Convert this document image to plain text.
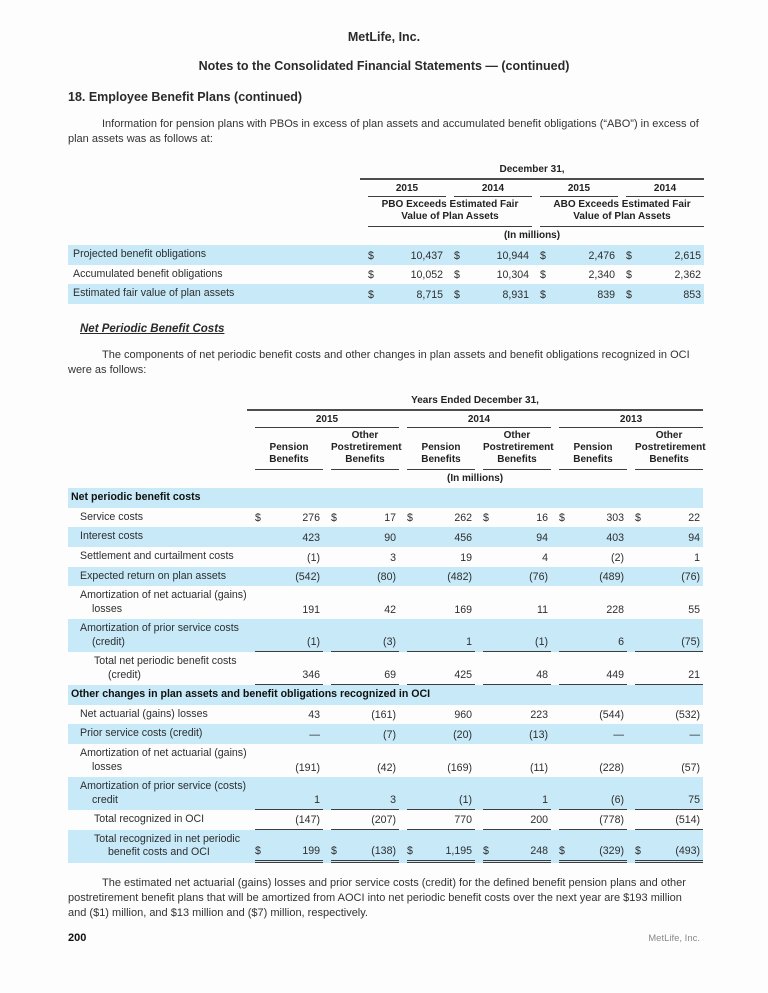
MetLife, Inc.
Notes to the Consolidated Financial Statements — (continued)
18. Employee Benefit Plans (continued)

Information for pension plans with PBOs in excess of plan assets and accumulated benefit obligations (“ABO”) in excess of plan assets was as follows at:

	December 31,			

	2015	2014	2015	2014

	PBO Exceeds Estimated Fair Value of Plan Assets		ABO Exceeds Estimated Fair Value of Plan Assets	

	(In millions)			
Projected benefit obligations	$ 10,437	$ 10,944	$ 2,476	$ 2,615

Accumulated benefit obligations	$ 10,052	$ 10,304	$ 2,340	$ 2,362

Estimated fair value of plan assets	$ 8,715	$ 8,931	$ 839	$ 853
Net Periodic Benefit Costs

The components of net periodic benefit costs and other changes in plan assets and benefit obligations recognized in OCI were as follows:

	Years Ended December 31,					

	2015		2014		2013	

	Pension Benefits	Other Postretirement Benefits	Pension Benefits	Other Postretirement Benefits	Pension Benefits	Other Postretirement Benefits

	(In millions)					
Net periodic benefit costs						
Service costs	$ 276	$ 17	$ 262	$ 16	$ 303	$ 22

Interest costs	423	90	456	94	403	94

Settlement and curtailment costs	(1)	3	19	4	(2)	1

Expected return on plan assets	(542)	(80)	(482)	(76)	(489)	(76)

Amortization of net actuarial (gains) losses	191	42	169	11	228	55

Amortization of prior service costs (credit)	(1)	(3)	1	(1)	6	(75)

Total net periodic benefit costs (credit)	346	69	425	48	449	21

Other changes in plan assets and benefit obligations recognized in OCI						
Net actuarial (gains) losses	43	(161)	960	223	(544)	(532)

Prior service costs (credit)	—	(7)	(20)	(13)	—	—

Amortization of net actuarial (gains) losses	(191)	(42)	(169)	(11)	(228)	(57)

Amortization of prior service (costs) credit	1	3	(1)	1	(6)	75

Total recognized in OCI	(147)	(207)	770	200	(778)	(514)

Total recognized in net periodic benefit costs and OCI	$ 199	$ (138)	$ 1,195	$ 248	$ (329)	$ (493)

The estimated net actuarial (gains) losses and prior service costs (credit) for the defined benefit pension plans and other postretirement benefit plans that will be amortized from AOCI into net periodic benefit costs over the next year are $193 million and ($1) million, and $13 million and ($7) million, respectively.

200	MetLife, Inc.
